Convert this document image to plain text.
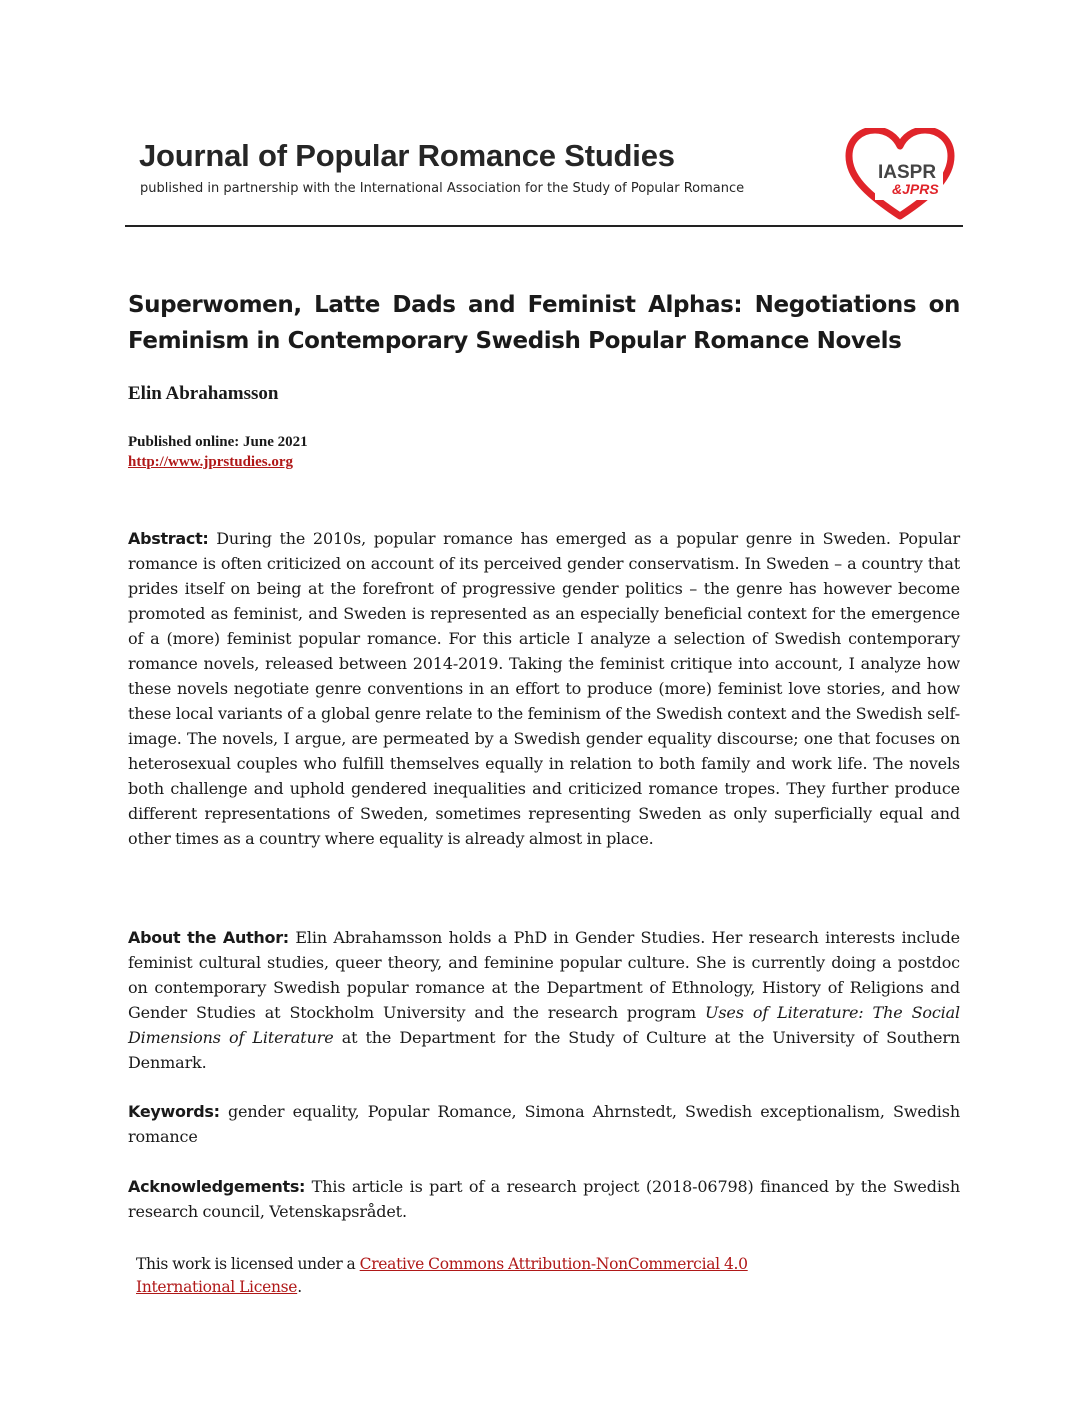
Journal of Popular Romance Studies
published in partnership with the International Association for the Study of Popular Romance
IASPR
&JPRS
Superwomen, Latte Dads and Feminist Alphas: Negotiations on Feminism in Contemporary Swedish Popular Romance Novels
Elin Abrahamsson
Published online: June 2021
http://www.jprstudies.org

Abstract: During the 2010s, popular romance has emerged as a popular genre in Sweden. Popular romance is often criticized on account of its perceived gender conservatism. In Sweden – a country that prides itself on being at the forefront of progressive gender politics – the genre has however become promoted as feminist, and Sweden is represented as an especially beneficial context for the emergence of a (more) feminist popular romance. For this article I analyze a selection of Swedish contemporary romance novels, released between 2014-2019. Taking the feminist critique into account, I analyze how these novels negotiate genre conventions in an effort to produce (more) feminist love stories, and how these local variants of a global genre relate to the feminism of the Swedish context and the Swedish self-image. The novels, I argue, are permeated by a Swedish gender equality discourse; one that focuses on heterosexual couples who fulfill themselves equally in relation to both family and work life. The novels both challenge and uphold gendered inequalities and criticized romance tropes. They further produce different representations of Sweden, sometimes representing Sweden as only superficially equal and other times as a country where equality is already almost in place.

About the Author: Elin Abrahamsson holds a PhD in Gender Studies. Her research interests include feminist cultural studies, queer theory, and feminine popular culture. She is currently doing a postdoc on contemporary Swedish popular romance at the Department of Ethnology, History of Religions and Gender Studies at Stockholm University and the research program Uses of Literature: The Social Dimensions of Literature at the Department for the Study of Culture at the University of Southern Denmark.

Keywords: gender equality, Popular Romance, Simona Ahrnstedt, Swedish exceptionalism, Swedish romance

Acknowledgements: This article is part of a research project (2018-06798) financed by the Swedish research council, Vetenskapsrådet.

This work is licensed under a Creative Commons Attribution-NonCommercial 4.0 International License.
